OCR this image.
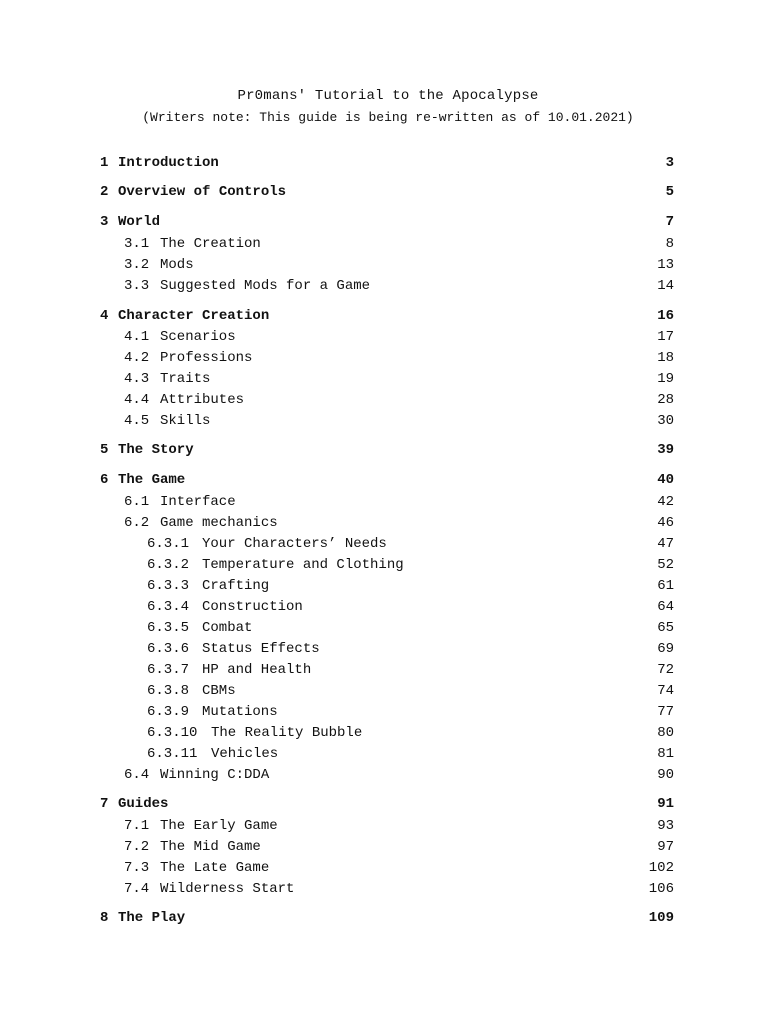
Pr0mans' Tutorial to the Apocalypse
(Writers note: This guide is being re-written as of 10.01.2021)
1 Introduction	3
2 Overview of Controls	5
3 World	7
3.1 The Creation	8
3.2 Mods	13
3.3 Suggested Mods for a Game	14
4 Character Creation	16
4.1 Scenarios	17
4.2 Professions	18
4.3 Traits	19
4.4 Attributes	28
4.5 Skills	30
5 The Story	39
6 The Game	40
6.1 Interface	42
6.2 Game mechanics	46
6.3.1 Your Characters’ Needs	47
6.3.2 Temperature and Clothing	52
6.3.3 Crafting	61
6.3.4 Construction	64
6.3.5 Combat	65
6.3.6 Status Effects	69
6.3.7 HP and Health	72
6.3.8 CBMs	74
6.3.9 Mutations	77
6.3.10 The Reality Bubble	80
6.3.11 Vehicles	81
6.4 Winning C:DDA	90
7 Guides	91
7.1 The Early Game	93
7.2 The Mid Game	97
7.3 The Late Game	102
7.4 Wilderness Start	106
8 The Play	109
